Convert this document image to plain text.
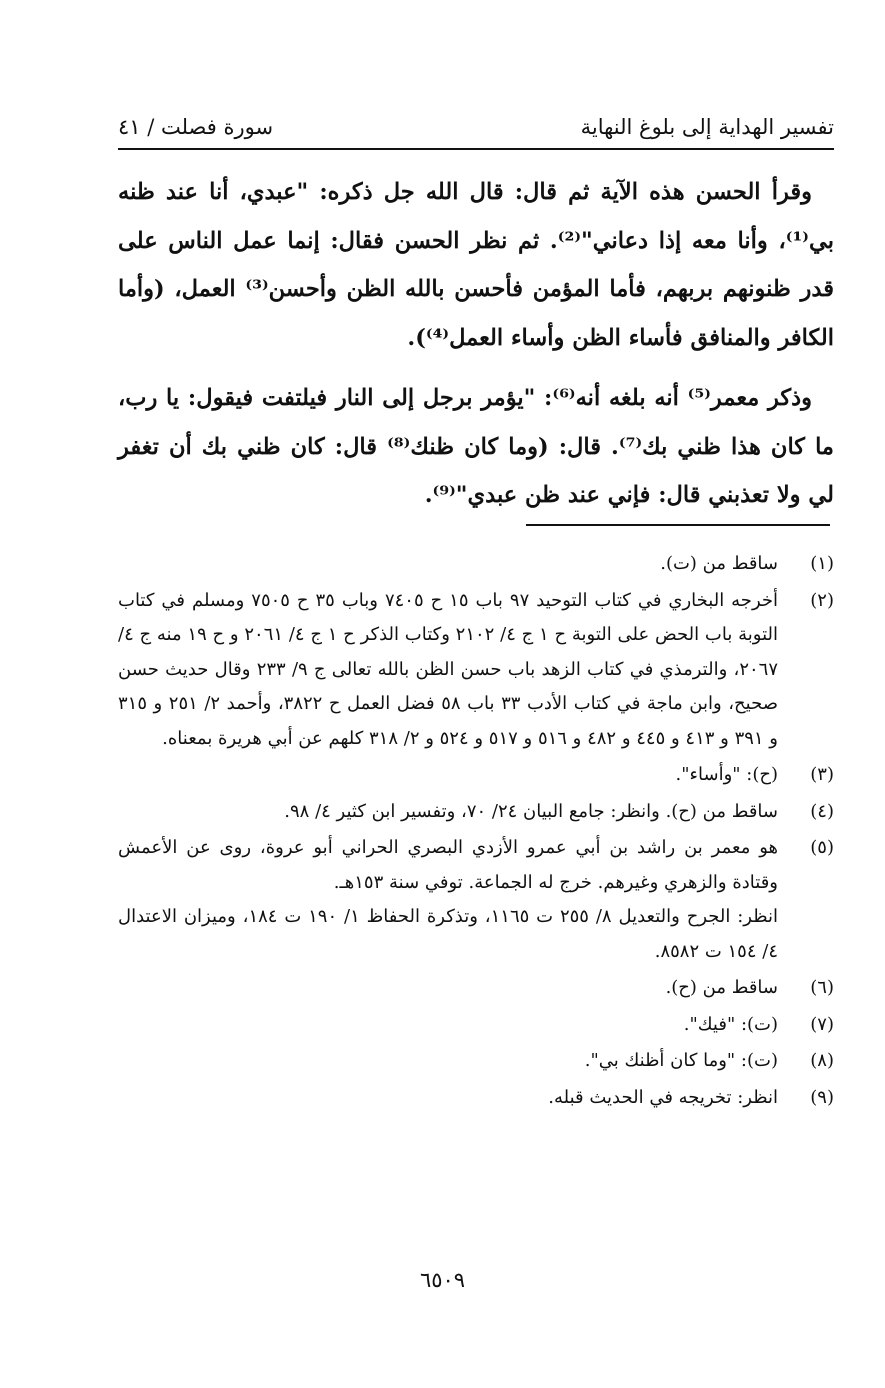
تفسير الهداية إلى بلوغ النهاية
سورة فصلت / ٤١

وقرأ الحسن هذه الآية ثم قال: قال الله جل ذكره: "عبدي، أنا عند ظنه بي⁽¹⁾، وأنا معه إذا دعاني"⁽²⁾. ثم نظر الحسن فقال: إنما عمل الناس على قدر ظنونهم بربهم، فأما المؤمن فأحسن بالله الظن وأحسن⁽³⁾ العمل، (وأما الكافر والمنافق فأساء الظن وأساء العمل⁽⁴⁾).

وذكر معمر⁽⁵⁾ أنه بلغه أنه⁽⁶⁾: "يؤمر برجل إلى النار فيلتفت فيقول: يا رب، ما كان هذا ظني بك⁽⁷⁾. قال: (وما كان ظنك⁽⁸⁾ قال: كان ظني بك أن تغفر لي ولا تعذبني قال: فإني عند ظن عبدي"⁽⁹⁾.

(١)
ساقط من (ت).
(٢)
أخرجه البخاري في كتاب التوحيد ٩٧ باب ١٥ ح ٧٤٠٥ وباب ٣٥ ح ٧٥٠٥ ومسلم في كتاب التوبة باب الحض على التوبة ح ١ ج ٤/ ٢١٠٢ وكتاب الذكر ح ١ ج ٤/ ٢٠٦١ و ح ١٩ منه ج ٤/ ٢٠٦٧، والترمذي في كتاب الزهد باب حسن الظن بالله تعالى ج ٩/ ٢٣٣ وقال حديث حسن صحيح، وابن ماجة في كتاب الأدب ٣٣ باب ٥٨ فضل العمل ح ٣٨٢٢، وأحمد ٢/ ٢٥١ و ٣١٥ و ٣٩١ و ٤١٣ و ٤٤٥ و ٤٨٢ و ٥١٦ و ٥١٧ و ٥٢٤ و ٢/ ٣١٨ كلهم عن أبي هريرة بمعناه.
(٣)
(ح): "وأساء".
(٤)
ساقط من (ح). وانظر: جامع البيان ٢٤/ ٧٠، وتفسير ابن كثير ٤/ ٩٨.
(٥)
هو معمر بن راشد بن أبي عمرو الأزدي البصري الحراني أبو عروة، روى عن الأعمش وقتادة والزهري وغيرهم. خرج له الجماعة. توفي سنة ١٥٣هـ.
انظر: الجرح والتعديل ٨/ ٢٥٥ ت ١١٦٥، وتذكرة الحفاظ ١/ ١٩٠ ت ١٨٤، وميزان الاعتدال ٤/ ١٥٤ ت ٨٥٨٢.
(٦)
ساقط من (ح).
(٧)
(ت): "فيك".
(٨)
(ت): "وما كان أظنك بي".
(٩)
انظر: تخريجه في الحديث قبله.
٦٥٠٩
